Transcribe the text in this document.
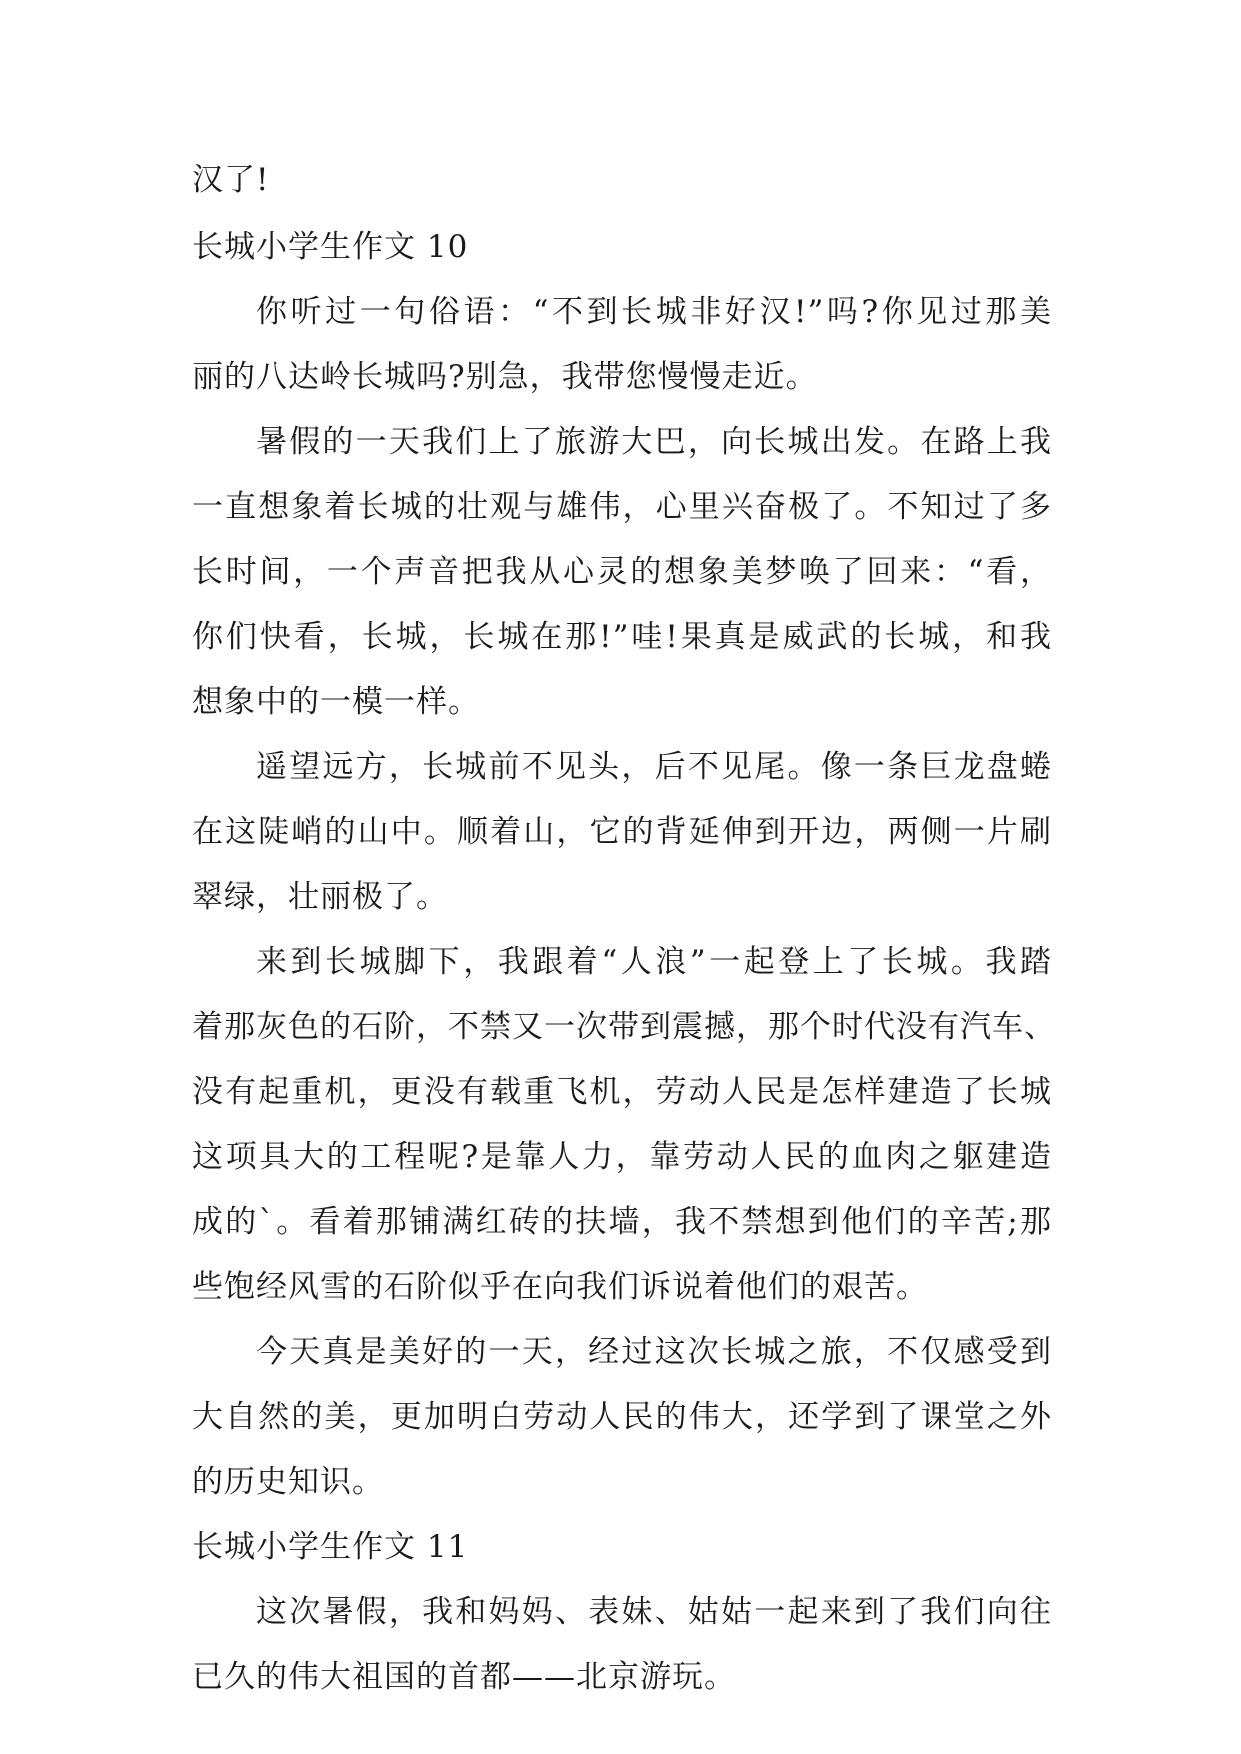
汉了!
长城小学生作文 10
你听过一句俗语：“不到长城非好汉!”吗?你见过那美
丽的八达岭长城吗?别急，我带您慢慢走近。
暑假的一天我们上了旅游大巴，向长城出发。在路上我
一直想象着长城的壮观与雄伟，心里兴奋极了。不知过了多
长时间，一个声音把我从心灵的想象美梦唤了回来：“看，
你们快看，长城，长城在那!”哇!果真是威武的长城，和我
想象中的一模一样。
遥望远方，长城前不见头，后不见尾。像一条巨龙盘蜷
在这陡峭的山中。顺着山，它的背延伸到开边，两侧一片刷
翠绿，壮丽极了。
来到长城脚下，我跟着“人浪”一起登上了长城。我踏
着那灰色的石阶，不禁又一次带到震撼，那个时代没有汽车、
没有起重机，更没有载重飞机，劳动人民是怎样建造了长城
这项具大的工程呢?是靠人力，靠劳动人民的血肉之躯建造
成的`。看着那铺满红砖的扶墙，我不禁想到他们的辛苦;那
些饱经风雪的石阶似乎在向我们诉说着他们的艰苦。
今天真是美好的一天，经过这次长城之旅，不仅感受到
大自然的美，更加明白劳动人民的伟大，还学到了课堂之外
的历史知识。
长城小学生作文 11
这次暑假，我和妈妈、表妹、姑姑一起来到了我们向往
已久的伟大祖国的首都——北京游玩。
